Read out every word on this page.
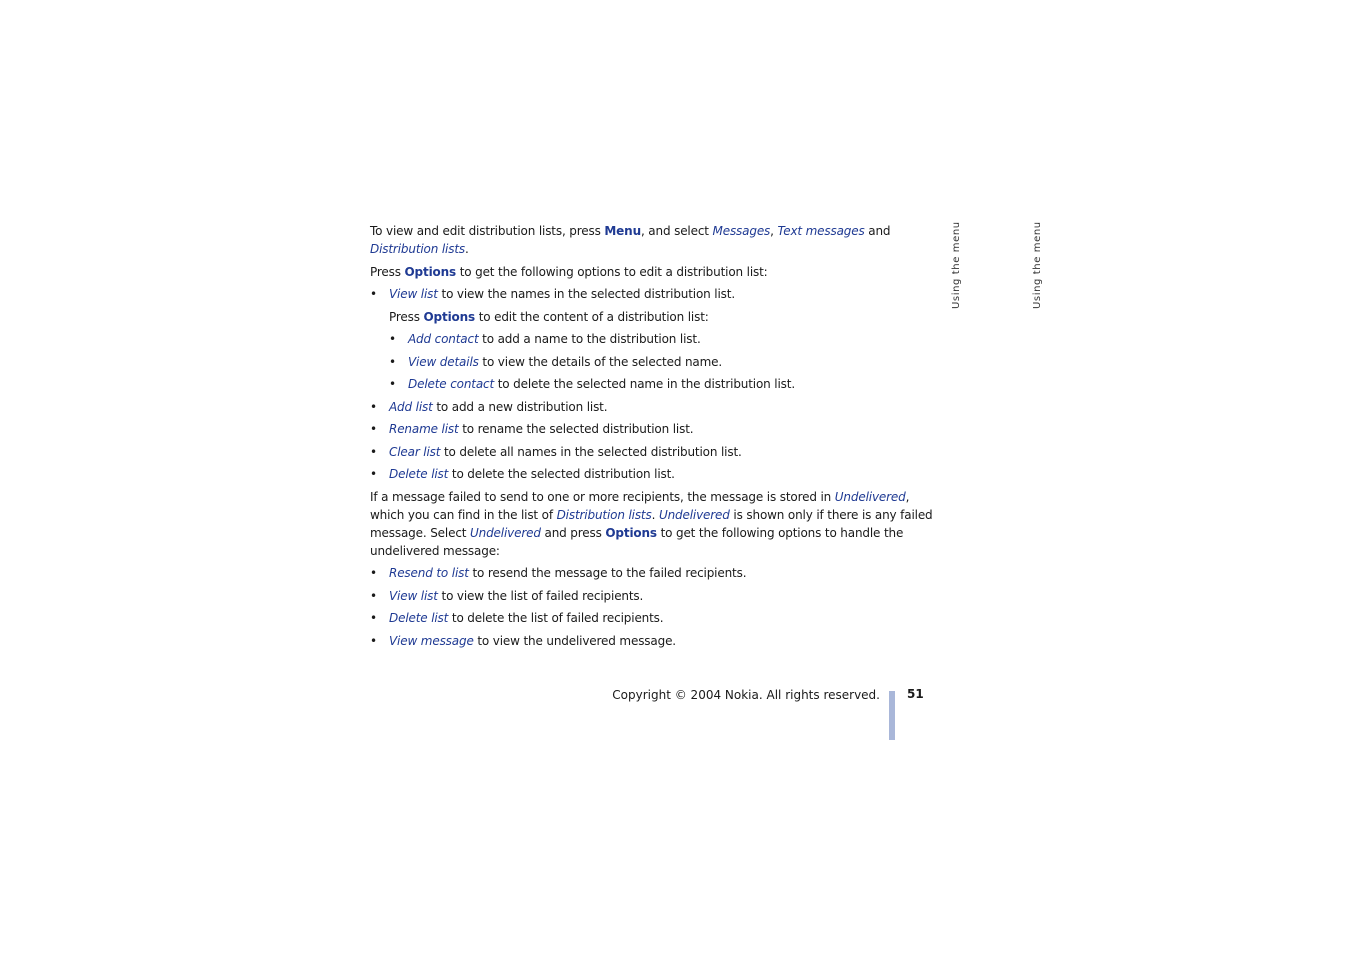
To view and edit distribution lists, press Menu, and select Messages, Text messages and Distribution lists.

Press Options to get the following options to edit a distribution list:

• View list to view the names in the selected distribution list.

Press Options to edit the content of a distribution list:

• Add contact to add a name to the distribution list.
• View details to view the details of the selected name.
• Delete contact to delete the selected name in the distribution list.
• Add list to add a new distribution list.
• Rename list to rename the selected distribution list.
• Clear list to delete all names in the selected distribution list.
• Delete list to delete the selected distribution list.

If a message failed to send to one or more recipients, the message is stored in Undelivered, which you can find in the list of Distribution lists. Undelivered is shown only if there is any failed message. Select Undelivered and press Options to get the following options to handle the undelivered message:

• Resend to list to resend the message to the failed recipients.
• View list to view the list of failed recipients.
• Delete list to delete the list of failed recipients.
• View message to view the undelivered message.
Using the menu	Using the menu
Copyright © 2004 Nokia. All rights reserved. 51
